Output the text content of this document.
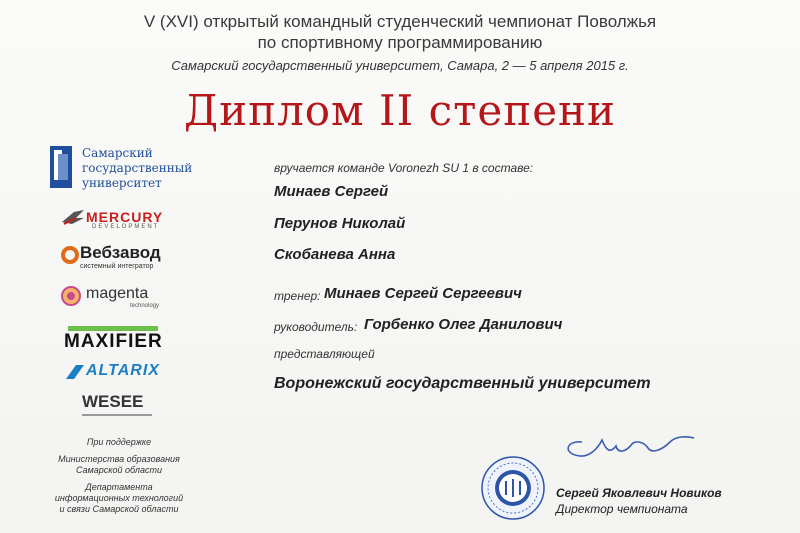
V (XVI) открытый командный студенческий чемпионат Поволжья
по спортивному программированию
Самарский государственный университет, Самара, 2 — 5 апреля 2015 г.
Диплом II степени
Самарский
государственный
университет
MERCURY
DEVELOPMENT
Вебзавод
системный интегратор
magenta
technology
MAXIFIER
ALTARIX
WESEE
При поддержке
Министерства образования
Самарской области
Департамента
информационных технологий
и связи Самарской области
вручается команде Voronezh SU 1 в составе:
Минаев Сергей
Перунов Николай
Скобанева Анна
тренер: Минаев Сергей Сергеевич
руководитель: Горбенко Олег Данилович
представляющей
Воронежский государственный университет
Сергей Яковлевич Новиков
Директор чемпионата
